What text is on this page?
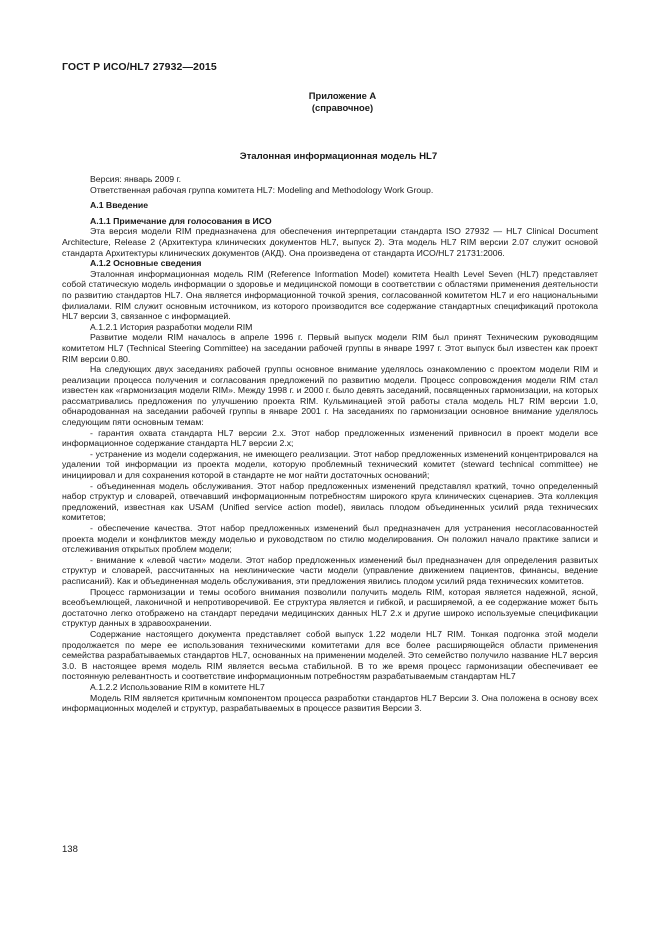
ГОСТ Р ИСО/HL7 27932—2015
Приложение А
(справочное)
Эталонная информационная модель HL7

Версия: январь 2009 г.

Ответственная рабочая группа комитета HL7: Modeling and Methodology Work Group.

А.1 Введение

А.1.1 Примечание для голосования в ИСО

Эта версия модели RIM предназначена для обеспечения интерпретации стандарта ISO 27932 — HL7 Clinical Document Architecture, Release 2 (Архитектура клинических документов HL7, выпуск 2). Эта модель HL7 RIM версии 2.07 служит основой стандарта Архитектуры клинических документов (АКД). Она произведена от стандарта ИСО/HL7 21731:2006.

А.1.2 Основные сведения

Эталонная информационная модель RIM (Reference Information Model) комитета Health Level Seven (HL7) представляет собой статическую модель информации о здоровье и медицинской помощи в соответствии с областями применения деятельности по развитию стандартов HL7. Она является информационной точкой зрения, согласованной комитетом HL7 и его национальными филиалами. RIM служит основным источником, из которого производится все содержание стандартных спецификаций протокола HL7 версии 3, связанное с информацией.

А.1.2.1 История разработки модели RIM

Развитие модели RIM началось в апреле 1996 г. Первый выпуск модели RIM был принят Техническим руководящим комитетом HL7 (Technical Steering Committee) на заседании рабочей группы в январе 1997 г. Этот выпуск был известен как проект RIM версии 0.80.

На следующих двух заседаниях рабочей группы основное внимание уделялось ознакомлению с проектом модели RIM и реализации процесса получения и согласования предложений по развитию модели. Процесс сопровождения модели RIM стал известен как «гармонизация модели RIM». Между 1998 г. и 2000 г. было девять заседаний, посвященных гармонизации, на которых рассматривались предложения по улучшению проекта RIM. Кульминацией этой работы стала модель HL7 RIM версии 1.0, обнародованная на заседании рабочей группы в январе 2001 г. На заседаниях по гармонизации основное внимание уделялось следующим пяти основным темам:

- гарантия охвата стандарта HL7 версии 2.х. Этот набор предложенных изменений привносил в проект модели все информационное содержание стандарта HL7 версии 2.х;

- устранение из модели содержания, не имеющего реализации. Этот набор предложенных изменений концентрировался на удалении той информации из проекта модели, которую проблемный технический комитет (steward technical committee) не инициировал и для сохранения которой в стандарте не мог найти достаточных оснований;

- объединенная модель обслуживания. Этот набор предложенных изменений представлял краткий, точно определенный набор структур и словарей, отвечавший информационным потребностям широкого круга клинических сценариев. Эта коллекция предложений, известная как USAM (Unified service action model), явилась плодом объединенных усилий ряда технических комитетов;

- обеспечение качества. Этот набор предложенных изменений был предназначен для устранения несогласованностей проекта модели и конфликтов между моделью и руководством по стилю моделирования. Он положил начало практике записи и отслеживания открытых проблем модели;

- внимание к «левой части» модели. Этот набор предложенных изменений был предназначен для определения развитых структур и словарей, рассчитанных на неклинические части модели (управление движением пациентов, финансы, ведение расписаний). Как и объединенная модель обслуживания, эти предложения явились плодом усилий ряда технических комитетов.

Процесс гармонизации и темы особого внимания позволили получить модель RIM, которая является надежной, ясной, всеобъемлющей, лаконичной и непротиворечивой. Ее структура является и гибкой, и расширяемой, а ее содержание может быть достаточно легко отображено на стандарт передачи медицинских данных HL7 2.х и другие широко используемые спецификации структур данных в здравоохранении.

Содержание настоящего документа представляет собой выпуск 1.22 модели HL7 RIM. Тонкая подгонка этой модели продолжается по мере ее использования техническими комитетами для все более расширяющейся области применения семейства разрабатываемых стандартов HL7, основанных на применении моделей. Это семейство получило название HL7 версия 3.0. В настоящее время модель RIM является весьма стабильной. В то же время процесс гармонизации обеспечивает ее постоянную релевантность и соответствие информационным потребностям разрабатываемым стандартам HL7

А.1.2.2 Использование RIM в комитете HL7

Модель RIM является критичным компонентом процесса разработки стандартов HL7 Версии 3. Она положена в основу всех информационных моделей и структур, разрабатываемых в процессе развития Версии 3.

138
